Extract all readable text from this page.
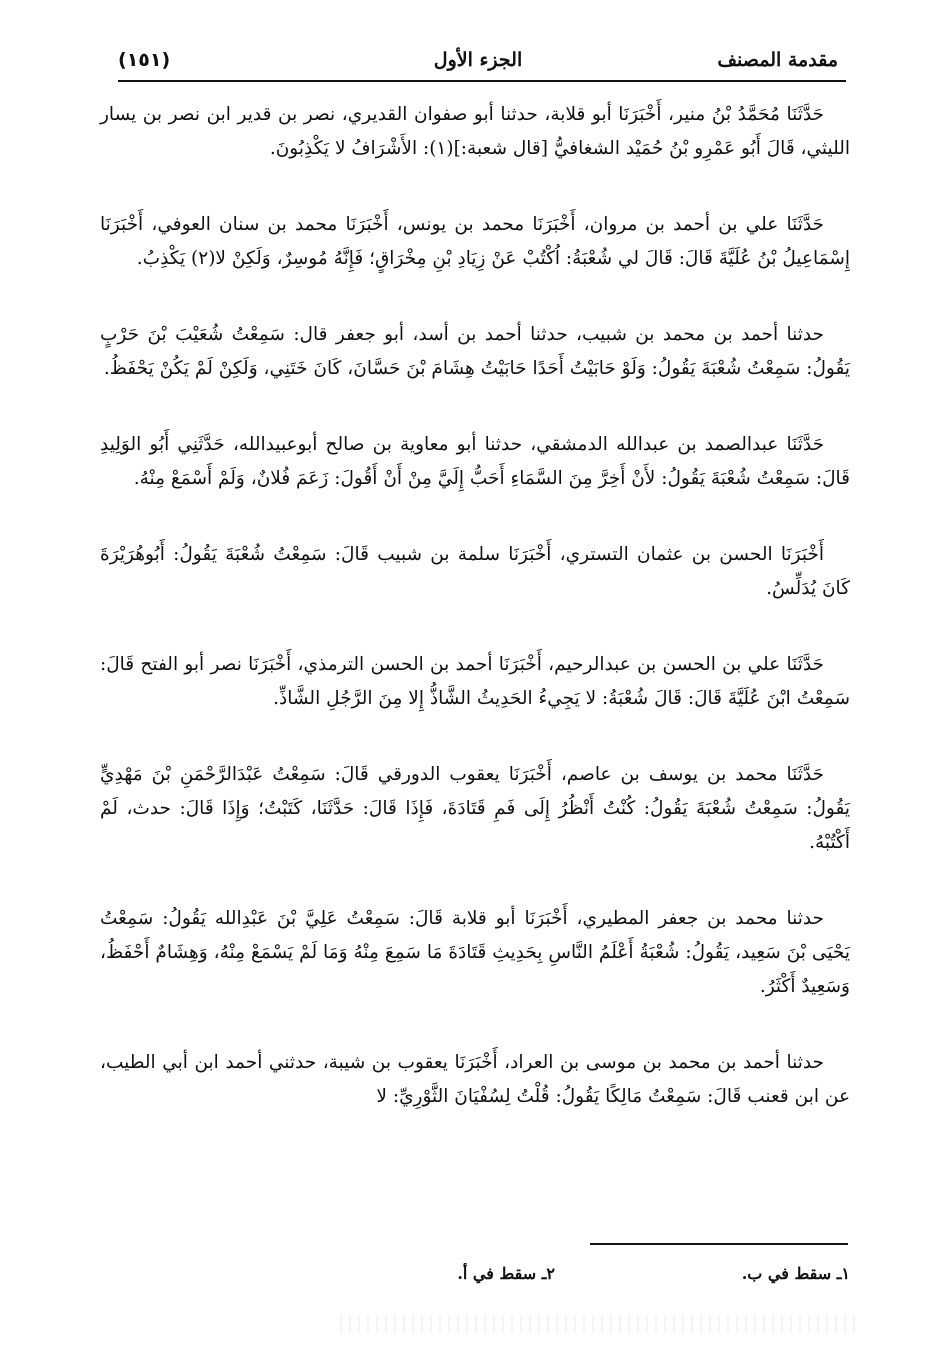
مقدمة المصنف
الجزء الأول
(١٥١)

حَدَّثَنَا مُحَمَّدُ بْنُ منير، أَخْبَرَنَا أبو قلابة، حدثنا أبو صفوان القديري، نصر بن قدير ابن نصر بن يسار الليثي، قَالَ أَبُو عَمْرِو بْنُ حُمَيْد الشغافيُّ [قال شعبة:](١): الأَشْرَافُ لا يَكْذِبُونَ.

حَدَّثَنَا علي بن أحمد بن مروان، أَخْبَرَنَا محمد بن يونس، أَخْبَرَنَا محمد بن سنان العوفي، أَخْبَرَنَا إِسْمَاعِيلُ بْنُ عُلَيَّةَ قَالَ: قَالَ لي شُعْبَةُ: اُكْتُبْ عَنْ زِيَادِ بْنِ مِخْرَاقٍ؛ فَإِنَّهُ مُوسِرٌ، وَلَكِنْ لا(٢) يَكْذِبُ.

حدثنا أحمد بن محمد بن شبيب، حدثنا أحمد بن أسد، أبو جعفر قال: سَمِعْتُ شُعَيْبَ بْنَ حَرْبٍ يَقُولُ: سَمِعْتُ شُعْبَةَ يَقُولُ: وَلَوْ حَابَيْتُ أَحَدًا حَابَيْتُ هِشَامَ بْنَ حَسَّانَ، كَانَ خَتَنِي، وَلَكِنْ لَمْ يَكُنْ يَحْفَظُ.

حَدَّثَنَا عبدالصمد بن عبدالله الدمشقي، حدثنا أبو معاوية بن صالح أبوعبيدالله، حَدَّثَنِي أَبُو الوَلِيدِ قَالَ: سَمِعْتُ شُعْبَةَ يَقُولُ: لأَنْ أَخِرَّ مِنَ السَّمَاءِ أَحَبُّ إِلَيَّ مِنْ أَنْ أَقُولَ: زَعَمَ فُلانٌ، وَلَمْ أَسْمَعْ مِنْهُ.

أَخْبَرَنَا الحسن بن عثمان التستري، أَخْبَرَنَا سلمة بن شبيب قَالَ: سَمِعْتُ شُعْبَةَ يَقُولُ: أَبُوهُرَيْرَةَ كَانَ يُدَلِّسُ.

حَدَّثَنَا علي بن الحسن بن عبدالرحيم، أَخْبَرَنَا أحمد بن الحسن الترمذي، أَخْبَرَنَا نصر أبو الفتح قَالَ: سَمِعْتُ ابْنَ عُلَيَّةَ قَالَ: قَالَ شُعْبَةُ: لا يَجِيءُ الحَدِيثُ الشَّاذُّ إِلا مِنَ الرَّجُلِ الشَّاذِّ.

حَدَّثَنَا محمد بن يوسف بن عاصم، أَخْبَرَنَا يعقوب الدورقي قَالَ: سَمِعْتُ عَبْدَالرَّحْمَنِ بْنَ مَهْدِيٍّ يَقُولُ: سَمِعْتُ شُعْبَةَ يَقُولُ: كُنْتُ أَنْظُرُ إِلَى فَمِ قَتَادَةَ، فَإِذَا قَالَ: حَدَّثَنَا، كَتَبْتُ؛ وَإِذَا قَالَ: حدث، لَمْ أَكْتُبْهُ.

حدثنا محمد بن جعفر المطيري، أَخْبَرَنَا أبو قلابة قَالَ: سَمِعْتُ عَلِيَّ بْنَ عَبْدِالله يَقُولُ: سَمِعْتُ يَحْيَى بْنَ سَعِيد، يَقُولُ: شُعْبَةُ أَعْلَمُ النَّاسِ بِحَدِيثِ قَتَادَةَ مَا سَمِعَ مِنْهُ وَمَا لَمْ يَسْمَعْ مِنْهُ، وَهِشَامٌ أَحْفَظُ، وَسَعِيدٌ أَكْثَرُ.

حدثنا أحمد بن محمد بن موسى بن العراد، أَخْبَرَنَا يعقوب بن شيبة، حدثني أحمد ابن أبي الطيب، عن ابن قعنب قَالَ: سَمِعْتُ مَالِكًا يَقُولُ: قُلْتُ لِسُفْيَانَ الثَّوْرِيِّ: لا

١ـ سقط في ب.
٢ـ سقط في أ.
